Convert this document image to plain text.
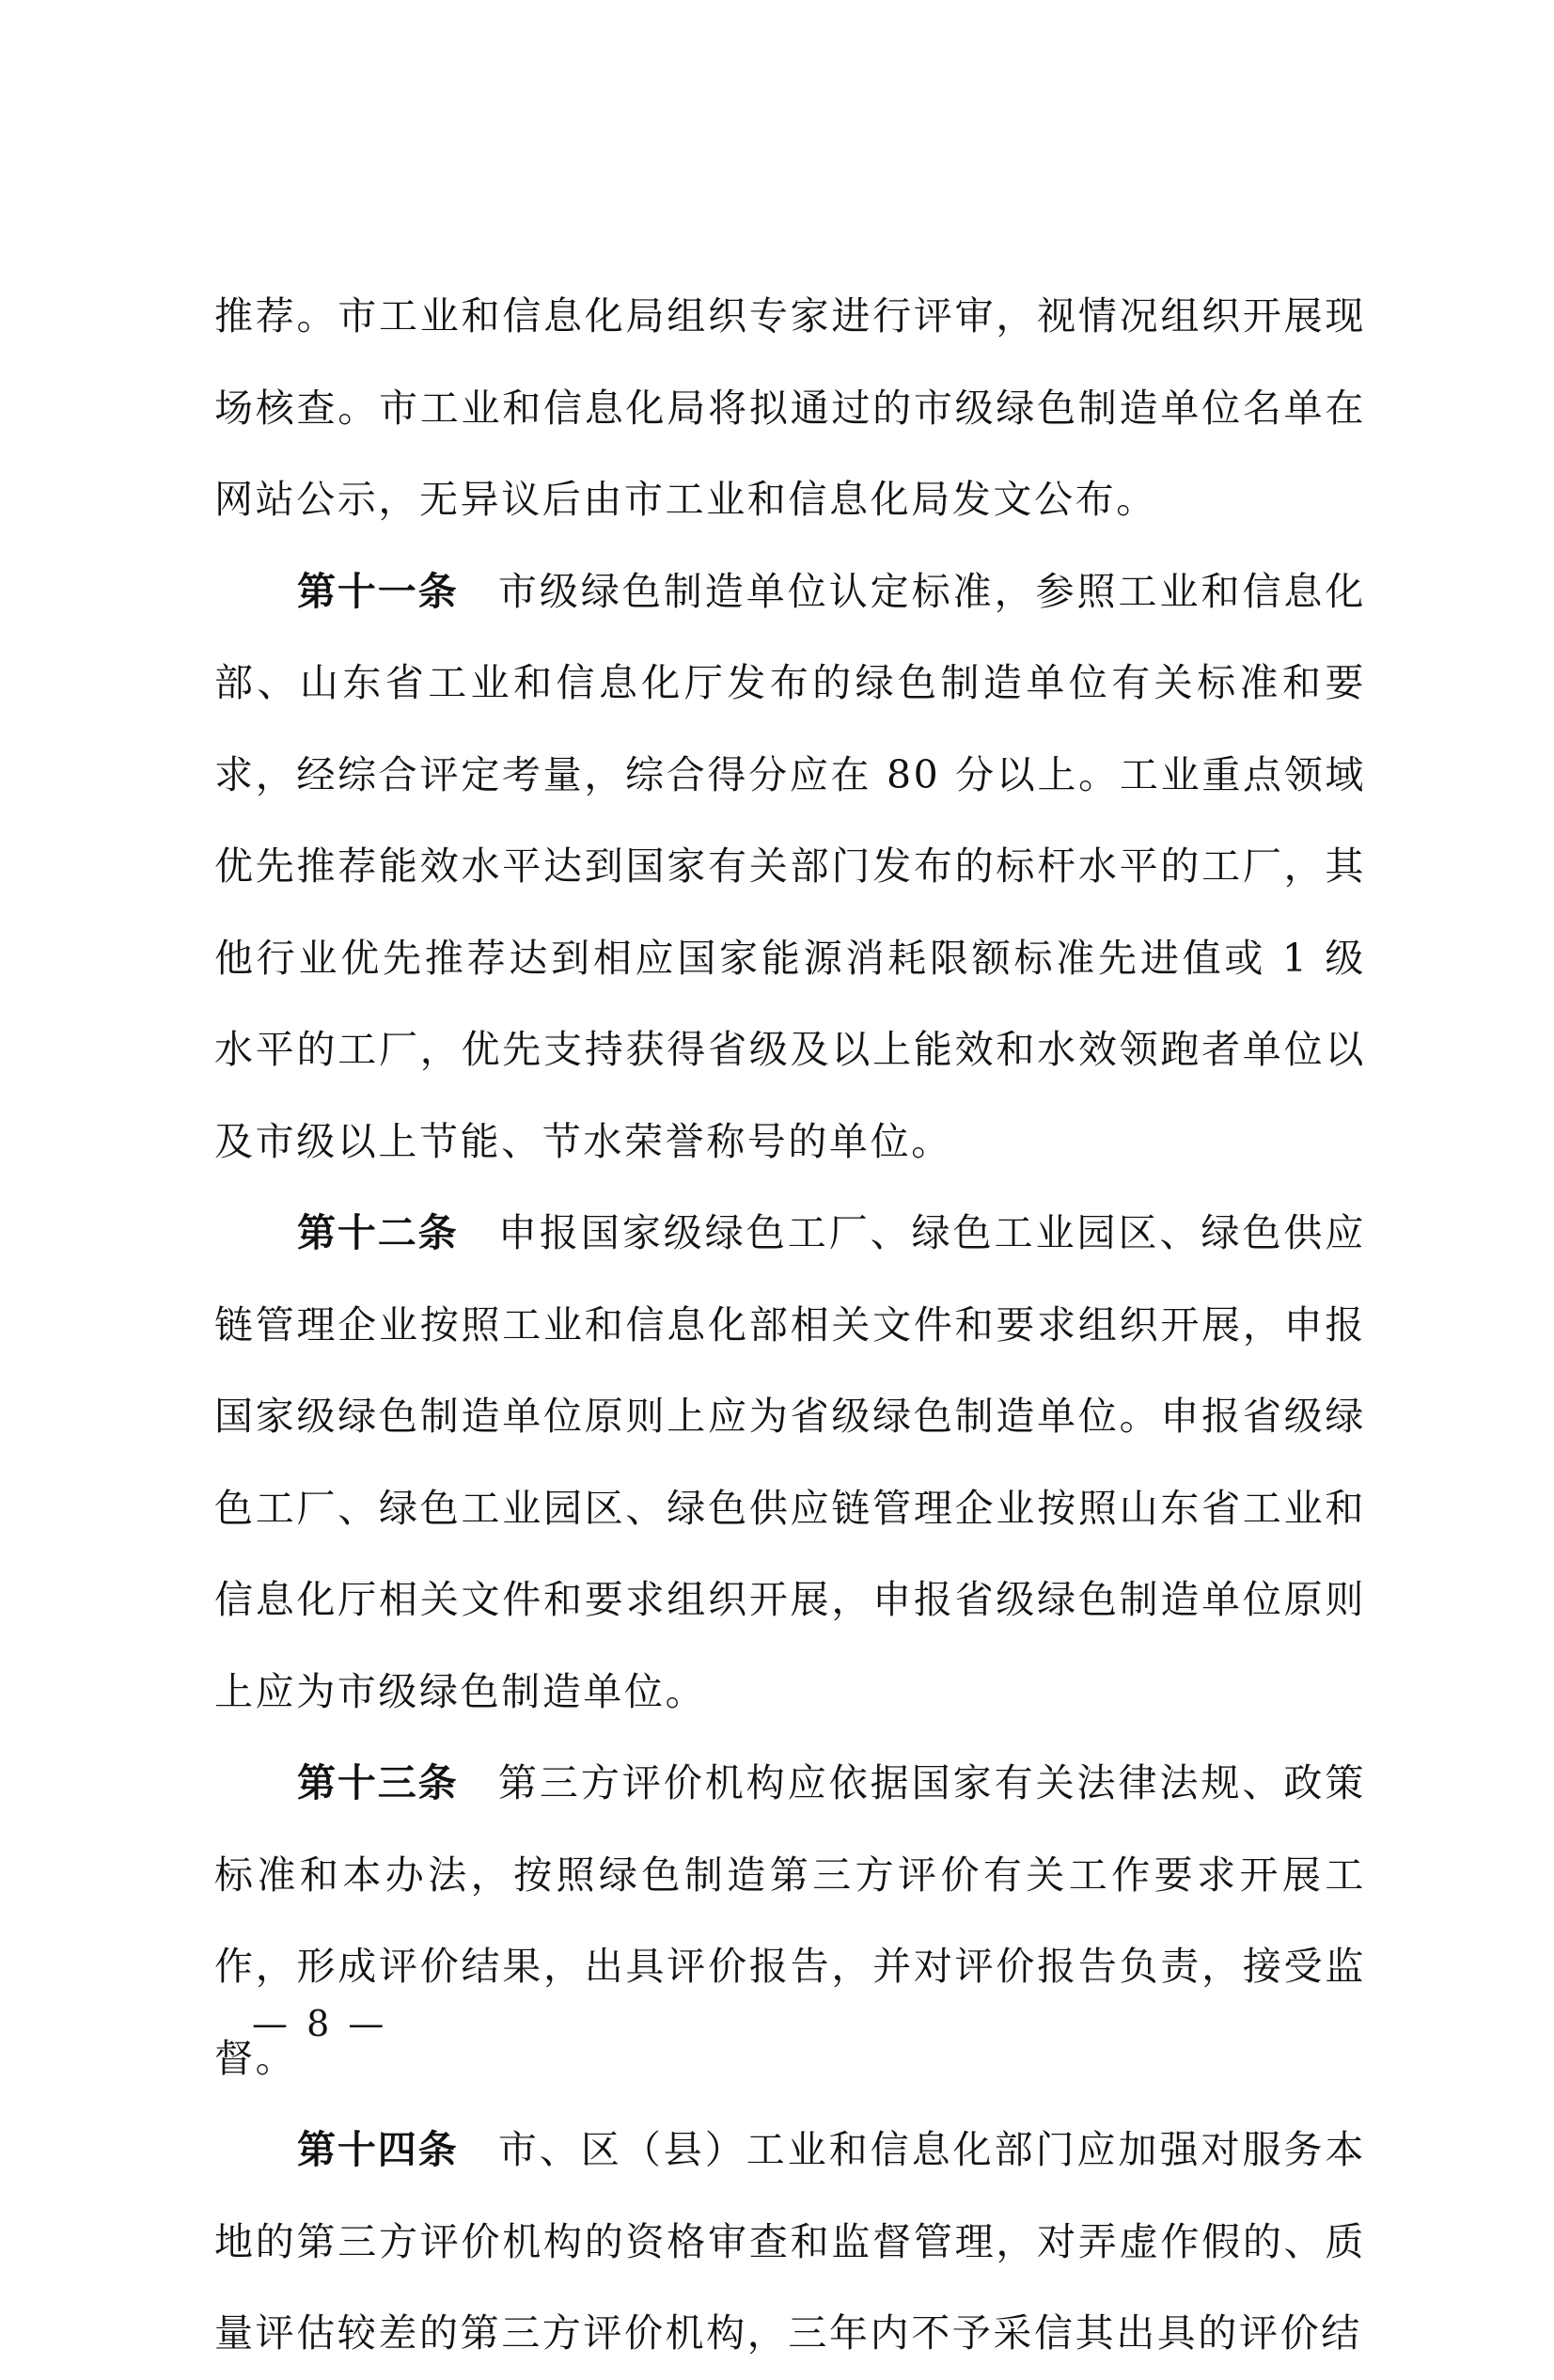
推荐。市工业和信息化局组织专家进行评审，视情况组织开展现场核查。市工业和信息化局将拟通过的市级绿色制造单位名单在网站公示，无异议后由市工业和信息化局发文公布。

第十一条 市级绿色制造单位认定标准，参照工业和信息化部、山东省工业和信息化厅发布的绿色制造单位有关标准和要求，经综合评定考量，综合得分应在 80 分以上。工业重点领域优先推荐能效水平达到国家有关部门发布的标杆水平的工厂，其他行业优先推荐达到相应国家能源消耗限额标准先进值或 1 级水平的工厂，优先支持获得省级及以上能效和水效领跑者单位以及市级以上节能、节水荣誉称号的单位。

第十二条 申报国家级绿色工厂、绿色工业园区、绿色供应链管理企业按照工业和信息化部相关文件和要求组织开展，申报国家级绿色制造单位原则上应为省级绿色制造单位。申报省级绿色工厂、绿色工业园区、绿色供应链管理企业按照山东省工业和信息化厅相关文件和要求组织开展，申报省级绿色制造单位原则上应为市级绿色制造单位。

第十三条 第三方评价机构应依据国家有关法律法规、政策标准和本办法，按照绿色制造第三方评价有关工作要求开展工作，形成评价结果，出具评价报告，并对评价报告负责，接受监督。

第十四条 市、区（县）工业和信息化部门应加强对服务本地的第三方评价机构的资格审查和监督管理，对弄虚作假的、质量评估较差的第三方评价机构，三年内不予采信其出具的评价结

— 8 —
